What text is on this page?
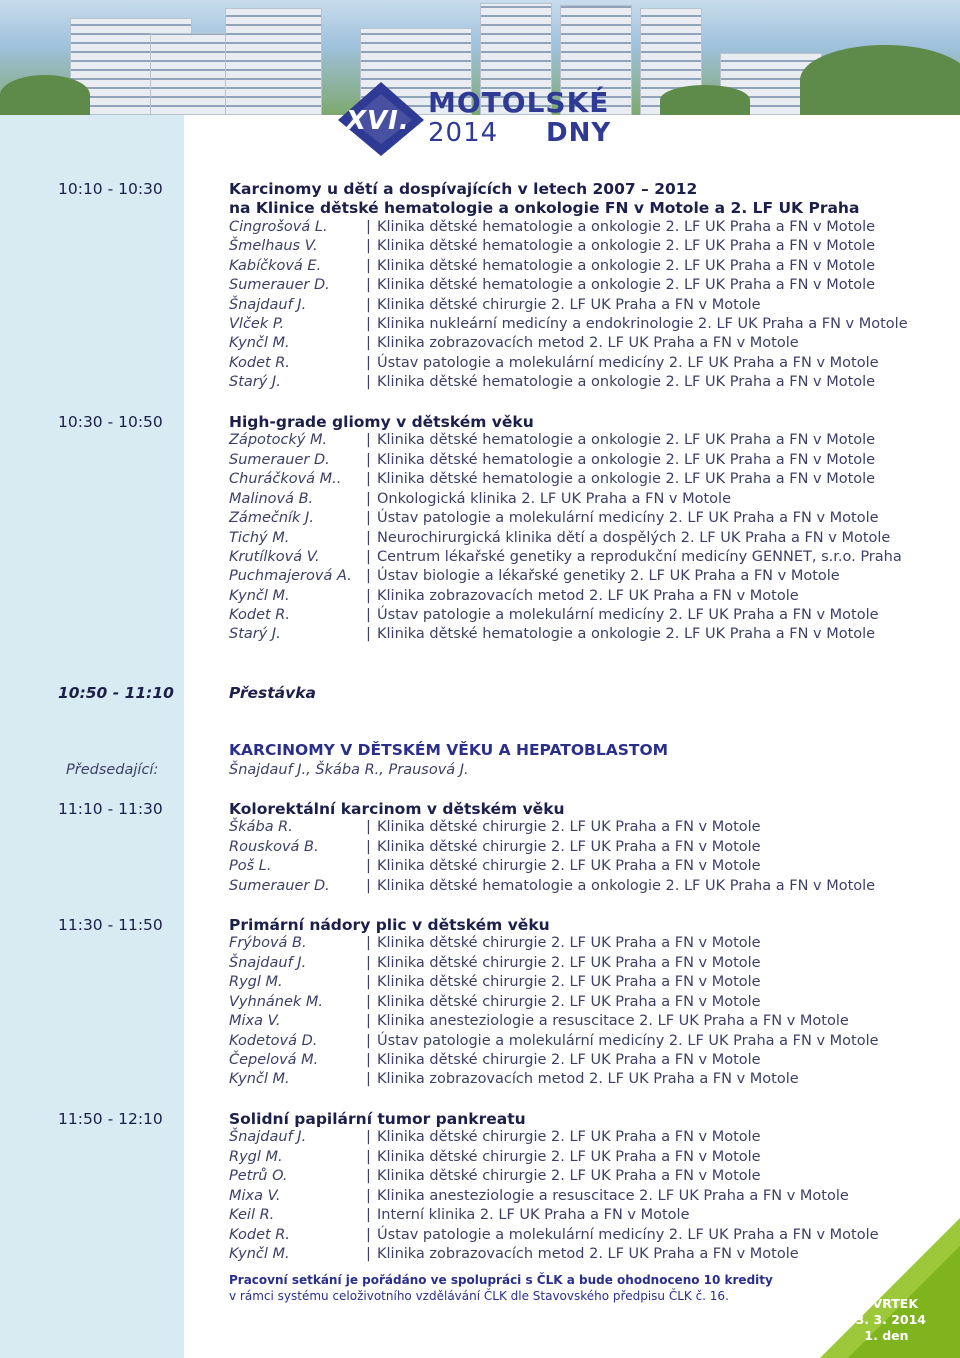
XVI.
MOTOLSKÉ
2014 DNY
10:10 - 10:30	Karcinomy u dětí a dospívajících v letech 2007 – 2012
na Klinice dětské hematologie a onkologie FN v Motole a 2. LF UK Praha
Cingrošová L.	| Klinika dětské hematologie a onkologie 2. LF UK Praha a FN v Motole
Šmelhaus V.	| Klinika dětské hematologie a onkologie 2. LF UK Praha a FN v Motole
Kabíčková E.	| Klinika dětské hematologie a onkologie 2. LF UK Praha a FN v Motole
Sumerauer D.	| Klinika dětské hematologie a onkologie 2. LF UK Praha a FN v Motole
Šnajdauf J.	| Klinika dětské chirurgie 2. LF UK Praha a FN v Motole
Vlček P.	| Klinika nukleární medicíny a endokrinologie 2. LF UK Praha a FN v Motole
Kynčl M.	| Klinika zobrazovacích metod 2. LF UK Praha a FN v Motole
Kodet R.	| Ústav patologie a molekulární medicíny 2. LF UK Praha a FN v Motole
Starý J.	| Klinika dětské hematologie a onkologie 2. LF UK Praha a FN v Motole
10:30 - 10:50	High-grade gliomy v dětském věku
Zápotocký M.	| Klinika dětské hematologie a onkologie 2. LF UK Praha a FN v Motole
Sumerauer D.	| Klinika dětské hematologie a onkologie 2. LF UK Praha a FN v Motole
Churáčková M.. | Klinika dětské hematologie a onkologie 2. LF UK Praha a FN v Motole
Malinová B.	| Onkologická klinika 2. LF UK Praha a FN v Motole
Zámečník J.	| Ústav patologie a molekulární medicíny 2. LF UK Praha a FN v Motole
Tichý M.	| Neurochirurgická klinika dětí a dospělých 2. LF UK Praha a FN v Motole
Krutílková V.	| Centrum lékařské genetiky a reprodukční medicíny GENNET, s.r.o. Praha
Puchmajerová A. | Ústav biologie a lékařské genetiky 2. LF UK Praha a FN v Motole
Kynčl M.	| Klinika zobrazovacích metod 2. LF UK Praha a FN v Motole
Kodet R.	| Ústav patologie a molekulární medicíny 2. LF UK Praha a FN v Motole
Starý J.	| Klinika dětské hematologie a onkologie 2. LF UK Praha a FN v Motole
10:50 - 11:10	Přestávka
KARCINOMY V DĚTSKÉM VĚKU A HEPATOBLASTOM
Předsedající:	Šnajdauf J., Škába R., Prausová J.
11:10 - 11:30	Kolorektální karcinom v dětském věku
Škába R.	| Klinika dětské chirurgie 2. LF UK Praha a FN v Motole
Rousková B.	| Klinika dětské chirurgie 2. LF UK Praha a FN v Motole
Poš L.	| Klinika dětské chirurgie 2. LF UK Praha a FN v Motole
Sumerauer D.	| Klinika dětské hematologie a onkologie 2. LF UK Praha a FN v Motole
11:30 - 11:50	Primární nádory plic v dětském věku
Frýbová B.	| Klinika dětské chirurgie 2. LF UK Praha a FN v Motole
Šnajdauf J.	| Klinika dětské chirurgie 2. LF UK Praha a FN v Motole
Rygl M.	| Klinika dětské chirurgie 2. LF UK Praha a FN v Motole
Vyhnánek M.	| Klinika dětské chirurgie 2. LF UK Praha a FN v Motole
Mixa V.	| Klinika anesteziologie a resuscitace 2. LF UK Praha a FN v Motole
Kodetová D.	| Ústav patologie a molekulární medicíny 2. LF UK Praha a FN v Motole
Čepelová M.	| Klinika dětské chirurgie 2. LF UK Praha a FN v Motole
Kynčl M.	| Klinika zobrazovacích metod 2. LF UK Praha a FN v Motole
11:50 - 12:10	Solidní papilární tumor pankreatu
Šnajdauf J.	| Klinika dětské chirurgie 2. LF UK Praha a FN v Motole
Rygl M.	| Klinika dětské chirurgie 2. LF UK Praha a FN v Motole
Petrů O.	| Klinika dětské chirurgie 2. LF UK Praha a FN v Motole
Mixa V.	| Klinika anesteziologie a resuscitace 2. LF UK Praha a FN v Motole
Keil R.	| Interní klinika 2. LF UK Praha a FN v Motole
Kodet R.	| Ústav patologie a molekulární medicíny 2. LF UK Praha a FN v Motole
Kynčl M.	| Klinika zobrazovacích metod 2. LF UK Praha a FN v Motole
Pracovní setkání je pořádáno ve spolupráci s ČLK a bude ohodnoceno 10 kredity
v rámci systému celoživotního vzdělávání ČLK dle Stavovského předpisu ČLK č. 16.	ČTVRTEK
13. 3. 2014
1. den
